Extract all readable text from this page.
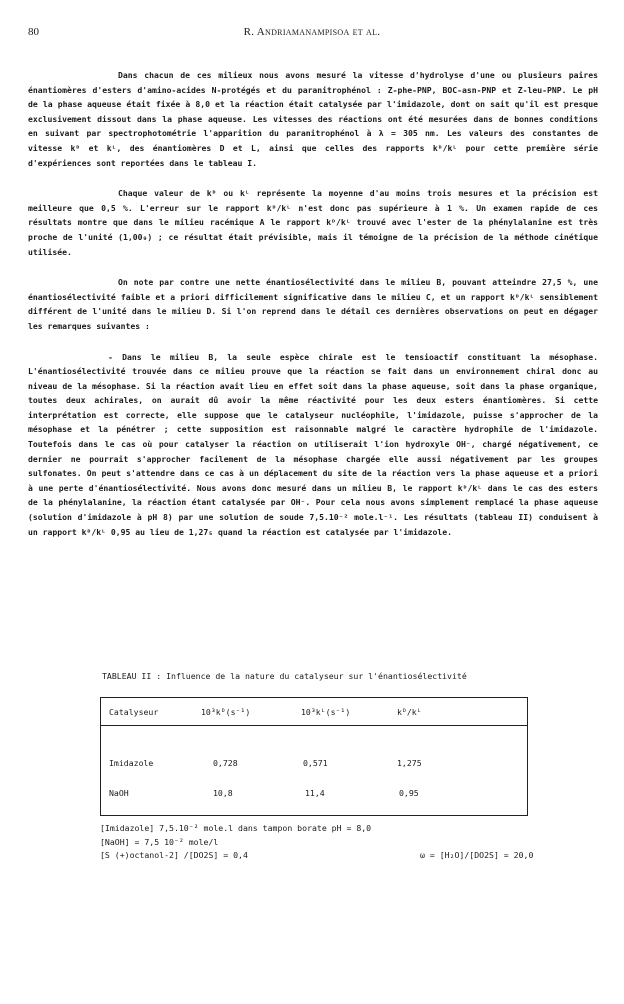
80	R. Andriamanampisoa et al.

Dans chacun de ces milieux nous avons mesuré la vitesse d'hydrolyse d'une ou plusieurs paires énantiomères d'esters d'amino-acides N-protégés et du paranitrophénol : Z-phe-PNP, BOC-asn-PNP et Z-leu-PNP. Le pH de la phase aqueuse était fixée à 8,0 et la réaction était catalysée par l'imidazole, dont on sait qu'il est presque exclusivement dissout dans la phase aqueuse. Les vitesses des réactions ont été mesurées dans de bonnes conditions en suivant par spectrophotométrie l'apparition du paranitrophénol à λ = 305 nm. Les valeurs des constantes de vitesse kᴰ et kᴸ, des énantiomères D et L, ainsi que celles des rapports kᴰ/kᴸ pour cette première série d'expériences sont reportées dans le tableau I.

Chaque valeur de kᴰ ou kᴸ représente la moyenne d'au moins trois mesures et la précision est meilleure que 0,5 %. L'erreur sur le rapport kᴰ/kᴸ n'est donc pas supérieure à 1 %. Un examen rapide de ces résultats montre que dans le milieu racémique A le rapport kᴰ/kᴸ trouvé avec l'ester de la phénylalanine est très proche de l'unité (1,00₉) ; ce résultat était prévisible, mais il témoigne de la précision de la méthode cinétique utilisée.

On note par contre une nette énantiosélectivité dans le milieu B, pouvant atteindre 27,5 %, une énantiosélectivité faible et a priori difficilement significative dans le milieu C, et un rapport kᴰ/kᴸ sensiblement différent de l'unité dans le milieu D. Si l'on reprend dans le détail ces dernières observations on peut en dégager les remarques suivantes :

- Dans le milieu B, la seule espèce chirale est le tensioactif constituant la mésophase. L'énantiosélectivité trouvée dans ce milieu prouve que la réaction se fait dans un environnement chiral donc au niveau de la mésophase. Si la réaction avait lieu en effet soit dans la phase aqueuse, soit dans la phase organique, toutes deux achirales, on aurait dû avoir la même réactivité pour les deux esters énantiomères. Si cette interprétation est correcte, elle suppose que le catalyseur nucléophile, l'imidazole, puisse s'approcher de la mésophase et la pénétrer ; cette supposition est raisonnable malgré le caractère hydrophile de l'imidazole. Toutefois dans le cas où pour catalyser la réaction on utiliserait l'ion hydroxyle OH⁻, chargé négativement, ce dernier ne pourrait s'approcher facilement de la mésophase chargée elle aussi négativement par les groupes sulfonates. On peut s'attendre dans ce cas à un déplacement du site de la réaction vers la phase aqueuse et a priori à une perte d'énantiosélectivité. Nous avons donc mesuré dans un milieu B, le rapport kᴰ/kᴸ dans le cas des esters de la phénylalanine, la réaction étant catalysée par OH⁻. Pour cela nous avons simplement remplacé la phase aqueuse (solution d'imidazole à pH 8) par une solution de soude 7,5.10⁻² mole.l⁻¹. Les résultats (tableau II) conduisent à un rapport kᴰ/kᴸ 0,95 au lieu de 1,27₅ quand la réaction est catalysée par l'imidazole.

TABLEAU II : Influence de la nature du catalyseur sur l'énantiosélectivité
Catalyseur	10³kᴰ(s⁻¹)	10³kᴸ(s⁻¹)	kᴰ/kᴸ
Imidazole	0,728	0,571	1,275
NaOH	10,8	11,4	0,95
[Imidazole] 7,5.10⁻² mole.l dans tampon borate pH = 8,0
[NaOH] = 7,5 10⁻² mole/l
[S (+)octanol-2] /[DO2S] = 0,4	ω = [H₂O]/[DO2S] = 20,0
